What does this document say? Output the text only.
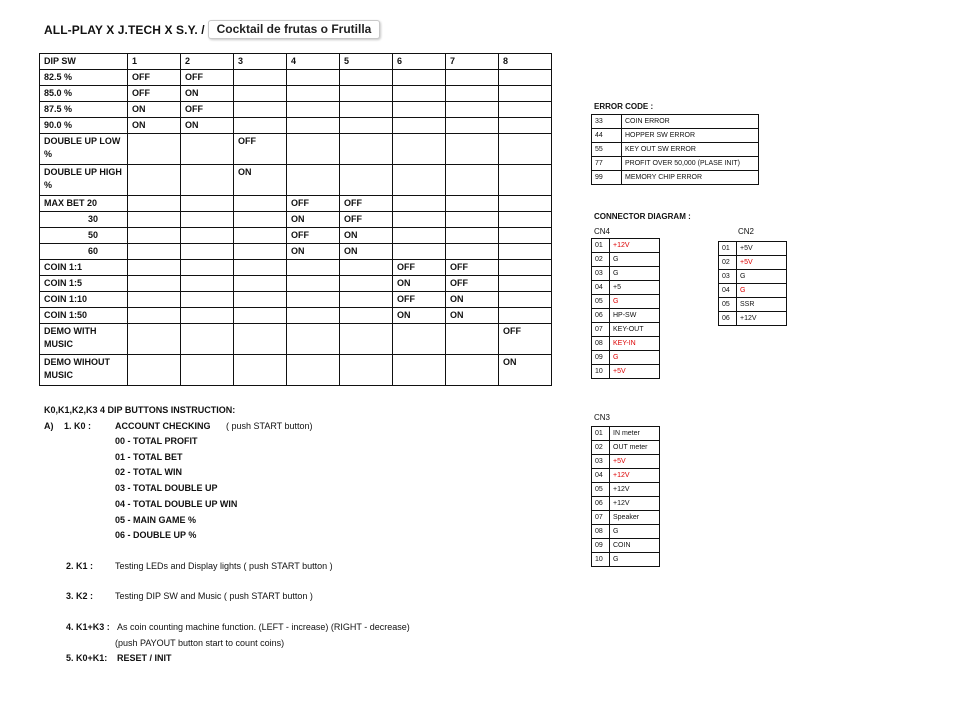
ALL-PLAY X J.TECH X S.Y. /	Cocktail de frutas o Frutilla
DIP SW	1	2	3	4	5	6	7	8
82.5 %	OFF	OFF						
85.0 %	OFF	ON						
87.5 %	ON	OFF						
90.0 %	ON	ON						
DOUBLE UP LOW %			OFF					
DOUBLE UP HIGH %			ON					
MAX BET 20				OFF	OFF			
30				ON	OFF			
50				OFF	ON			
60				ON	ON			
COIN 1:1						OFF	OFF	
COIN 1:5						ON	OFF	
COIN 1:10						OFF	ON	
COIN 1:50						ON	ON	
DEMO WITH MUSIC								OFF
DEMO WIHOUT MUSIC								ON
ERROR CODE :
33	COIN ERROR
44	HOPPER SW ERROR
55	KEY OUT SW ERROR
77	PROFIT OVER 50,000 (PLASE INIT)
99	MEMORY CHIP ERROR
CONNECTOR DIAGRAM :
CN4
01	+12V
02	G
03	G
04	+5
05	G
06	HP-SW
07	KEY-OUT
08	KEY-IN
09	G
10	+5V
CN2
01	+5V
02	+5V
03	G
04	G
05	SSR
06	+12V
CN3
01	IN meter
02	OUT meter
03	+5V
04	+12V
05	+12V
06	+12V
07	Speaker
08	G
09	COIN
10	G
K0,K1,K2,K3 4 DIP BUTTONS INSTRUCTION:
A) 1. K0 :	ACCOUNT CHECKING ( push START button)
00 - TOTAL PROFIT
01 - TOTAL BET
02 - TOTAL WIN
03 - TOTAL DOUBLE UP
04 - TOTAL DOUBLE UP WIN
05 - MAIN GAME %
06 - DOUBLE UP %
2. K1 : Testing LEDs and Display lights ( push START button )
3. K2 : Testing DIP SW and Music ( push START button )
4. K1+K3 : As coin counting machine function. (LEFT - increase) (RIGHT - decrease)
(push PAYOUT button start to count coins)
5. K0+K1: RESET / INIT
